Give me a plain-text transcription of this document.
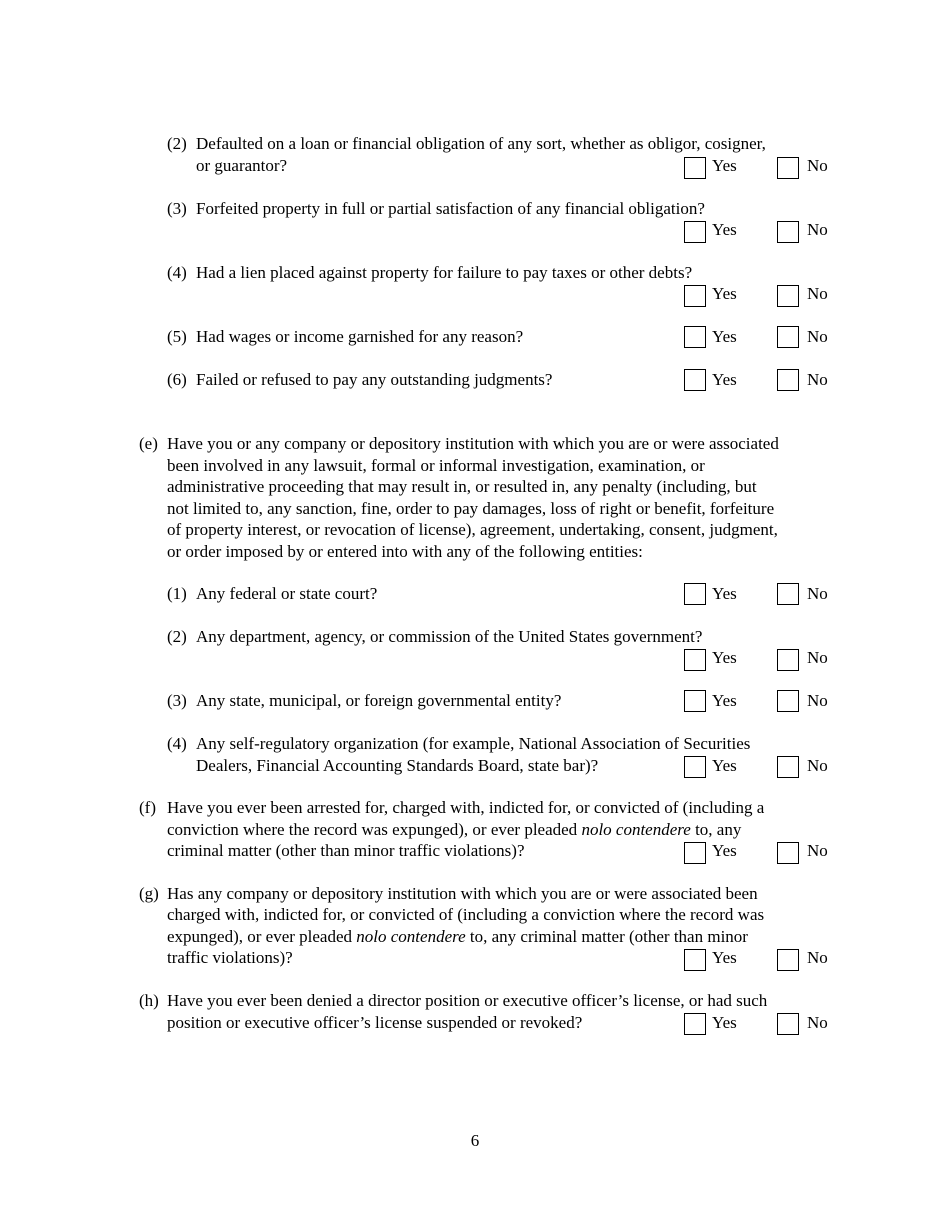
(2) Defaulted on a loan or financial obligation of any sort, whether as obligor, cosigner,
or guarantor?	Yes	No
(3) Forfeited property in full or partial satisfaction of any financial obligation?
Yes	No
(4) Had a lien placed against property for failure to pay taxes or other debts?
Yes	No
(5) Had wages or income garnished for any reason?	Yes	No
(6) Failed or refused to pay any outstanding judgments?	Yes	No
(e) Have you or any company or depository institution with which you are or were associated
been involved in any lawsuit, formal or informal investigation, examination, or
administrative proceeding that may result in, or resulted in, any penalty (including, but
not limited to, any sanction, fine, order to pay damages, loss of right or benefit, forfeiture
of property interest, or revocation of license), agreement, undertaking, consent, judgment,
or order imposed by or entered into with any of the following entities:
(1) Any federal or state court?	Yes	No
(2) Any department, agency, or commission of the United States government?
Yes	No
(3) Any state, municipal, or foreign governmental entity?	Yes	No
(4) Any self-regulatory organization (for example, National Association of Securities
Dealers, Financial Accounting Standards Board, state bar)?	Yes	No
(f) Have you ever been arrested for, charged with, indicted for, or convicted of (including a
conviction where the record was expunged), or ever pleaded nolo contendere to, any
criminal matter (other than minor traffic violations)?	Yes	No
(g) Has any company or depository institution with which you are or were associated been
charged with, indicted for, or convicted of (including a conviction where the record was
expunged), or ever pleaded nolo contendere to, any criminal matter (other than minor
traffic violations)?	Yes	No
(h) Have you ever been denied a director position or executive officer’s license, or had such
position or executive officer’s license suspended or revoked?	Yes	No
6
